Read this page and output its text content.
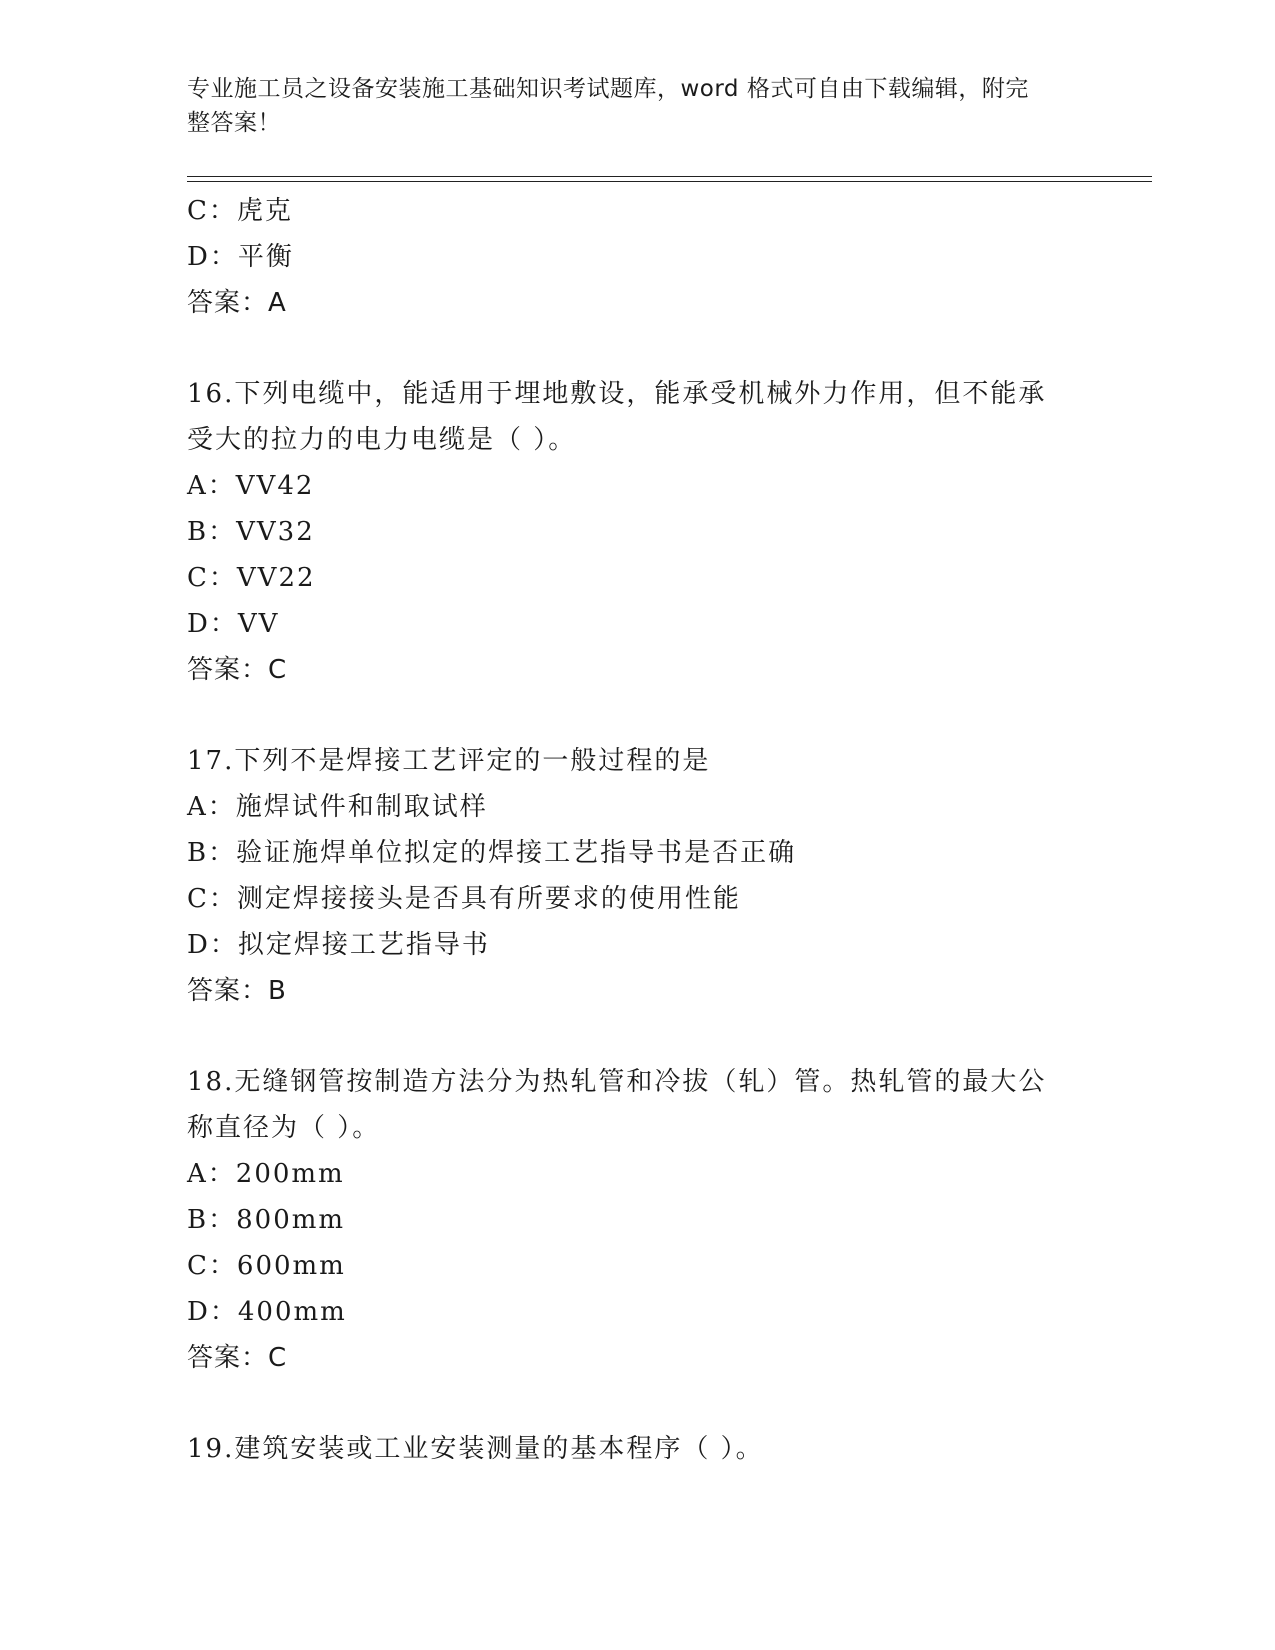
专业施工员之设备安装施工基础知识考试题库，word 格式可自由下载编辑，附完
整答案！
C：虎克
D：平衡
答案：A
16.下列电缆中，能适用于埋地敷设，能承受机械外力作用，但不能承
受大的拉力的电力电缆是（ ）。
A：VV42
B：VV32
C：VV22
D：VV
答案：C
17.下列不是焊接工艺评定的一般过程的是
A：施焊试件和制取试样
B：验证施焊单位拟定的焊接工艺指导书是否正确
C：测定焊接接头是否具有所要求的使用性能
D：拟定焊接工艺指导书
答案：B
18.无缝钢管按制造方法分为热轧管和冷拔（轧）管。热轧管的最大公
称直径为（ ）。
A：200mm
B：800mm
C：600mm
D：400mm
答案：C
19.建筑安装或工业安装测量的基本程序（ ）。
